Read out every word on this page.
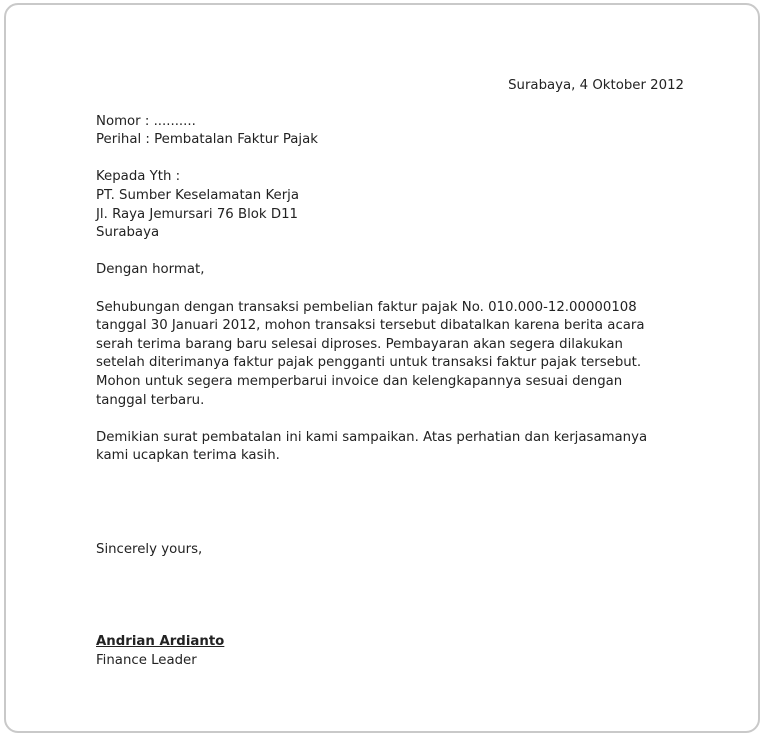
Surabaya, 4 Oktober 2012
Nomor : ..........
Perihal : Pembatalan Faktur Pajak
Kepada Yth :
PT. Sumber Keselamatan Kerja
Jl. Raya Jemursari 76 Blok D11
Surabaya
Dengan hormat,
Sehubungan dengan transaksi pembelian faktur pajak No. 010.000-12.00000108
tanggal 30 Januari 2012, mohon transaksi tersebut dibatalkan karena berita acara
serah terima barang baru selesai diproses. Pembayaran akan segera dilakukan
setelah diterimanya faktur pajak pengganti untuk transaksi faktur pajak tersebut.
Mohon untuk segera memperbarui invoice dan kelengkapannya sesuai dengan
tanggal terbaru.
Demikian surat pembatalan ini kami sampaikan. Atas perhatian dan kerjasamanya
kami ucapkan terima kasih.
Sincerely yours,
Andrian Ardianto
Finance Leader
